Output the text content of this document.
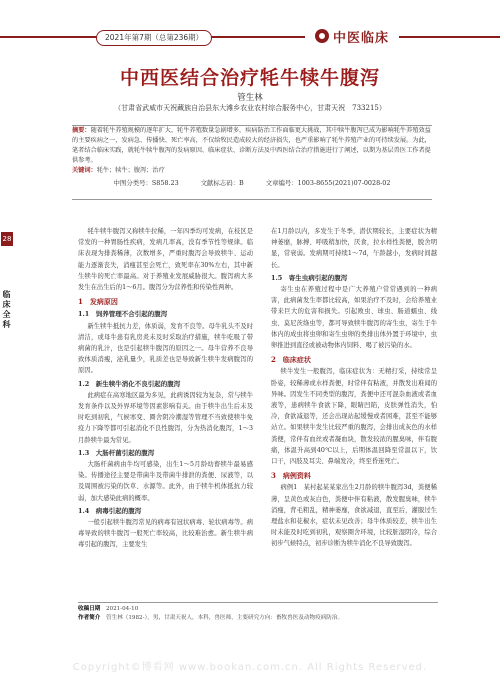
2021年第7期（总第236期）	中医临床
中西医结合治疗牦牛犊牛腹泻
管生林
（甘肃省武威市天祝藏族自治县东大滩乡农业农村综合服务中心，甘肃天祝　733215）
摘要：随着牦牛养殖规模的逐年扩大，牦牛养殖数量急剧增多，疾病防治工作面临更大挑战，其中犊牛腹泻已成为影响牦牛养殖效益的主要疾病之一，发病急、传播快、死亡率高，不仅给牧民造成较大的经济损失，也严重影响了牦牛养殖产业的可持续发展。为此，笔者结合临床实践，就牦牛犊牛腹泻的发病原因、临床症状、诊断方法及中西医结合治疗措施进行了阐述，以期为基层兽医工作者提供参考。
关键词：牦牛；犊牛；腹泻；治疗
中图分类号：S858.23	文献标志码：B	文章编号：1003-8655(2021)07-0028-02
28
临床全科

牦牛犊牛腹泻又称犊牛拉稀，一年四季均可发病，在枝区是常发的一种胃肠性疾病，发病几率高，没有季节性等规律。临床表现为排粪稀薄，次数增多，严重时腹泻会导致犊牛、运动能力逐渐丧失，消瘦甚至会死亡，致死率在30%左右，其中新生犊牛的死亡率最高。对于养殖业发展威胁很大。腹泻病大多发生在出生后的1～6月。腹泻分为营养性和传染性两种。

1　发病原因
1.1　饲养管理不合引起的腹泻

新生犊牛抵抗力差，体质弱，发育不良等。母牛乳头不及时清洁，或母牛患有乳房炎未及时采取治疗措施，犊牛吃吸了带病菌的乳汁，也是引起犊牛腹泻的原因之一。母牛营养不良导致体质消瘦，泌乳量少，乳质差也是导致新生犊牛发病腹泻的原因。

1.2　新生犊牛消化不良引起的腹泻

此病症在高寒地区最为多见，此病诱因较为复杂，常与犊牛发育条件以及外界环境等因素影响有关。由于犊牛出生后未及时吃到初乳，气候寒变、圈舍阴冷潮湿等管理不当致使犊牛免疫力下降等都可引起消化不良性腹泻，分为热消化腹泻，1～3月龄犊牛最为常见。

1.3　大肠杆菌引起的腹泻

大肠杆菌病由牛均可感染，出生1～5月龄幼畜犊牛最易感染。传播途径主要是带菌牛及带菌牛排泄的粪便、尿液等，以及周围被污染的饮草、水源等。此外，由于犊牛机体抵抗力较弱，加大感染此病的概率。

1.4　病毒引起的腹泻

一般引起犊牛腹泻常见的病毒有冠状病毒、轮状病毒等。病毒导致的犊牛腹泻一般死亡率较高，比较难治愈。新生犊牛病毒引起的腹泻，主要发生

在1月龄以内，多发生于冬季，潜伏期较长，主要症状为精神萎靡，脉搏、呼吸稍加快，厌食，拉水样性粪便，脱舍明显，常衰弱。发病期可持续1～7d，午龄越小，发病时间越长。

1.5　寄生虫病引起的腹泻

寄生虫在养殖过程中是广大养殖户常常遇到的一种病害，此病菌发生率都比较高，如果治疗不及时，会给养殖业带来巨大的危害和损失。引起败虫、球虫、肠道蠕虫、线虫、莫尼茨绦虫等，都可导致犊牛腹泻的寄生虫，寄生于牛体内的成虫将虫卵和寄生虫卵的类排出体外置于环境中，虫卵推进到直径或被动物体内饲料、喝了被污染的水。

2　临床症状

犊牛发生一般腹泻，临床症状为：无精打采，持续常呈卧姿，较稀薄或水样粪便，时常伴有粘液，并散发出难闻的异味。因发生不同类型的腹泻，粪便中还可混杂血液或者血液等，患病犊牛食欲下降，眼睛凹陷，皮肤弹性消失，怕冷，食欲减退等，还会出现站起缓慢或者困难，甚至不能够站立。如果犊牛发生比较严重的腹泻，会排出成灰色的水样粪便，常伴有血丝或者凝血块，散发较浓的腥臭味，伴有腹痛，体温升高到40℃以上，后期体温回降至常温以下，饮口干，四肢及耳尖、鼻端发冷，终至昏迷死亡。

3　病例资料

病例1　某村起某某家出生2月龄的犊牛腹泻3d，粪便稀薄，呈黄色或灰白色，粪便中伴有粘液，散发腥臭味，犊牛消瘦，背毛粗乱，精神萎靡，食欲减退，直至后，灌服过生理盐水和花椒水，症状未见改善；母牛体质较差，犊牛出生时未能及时吃到初乳，观察圈舍环境，比较脏湿阴冷，综合初步气候特点，初步诊断为犊牛消化不良导致腹泻。

收稿日期　 2021-04-10
作者简介　 管生林（1982-），男，甘肃天祝人，本科，兽医师，主要研究方向：畜牧兽医及动物疫病防治。
Copyright©博看网 www.bookan.com.cn. All Rights Reserved.
